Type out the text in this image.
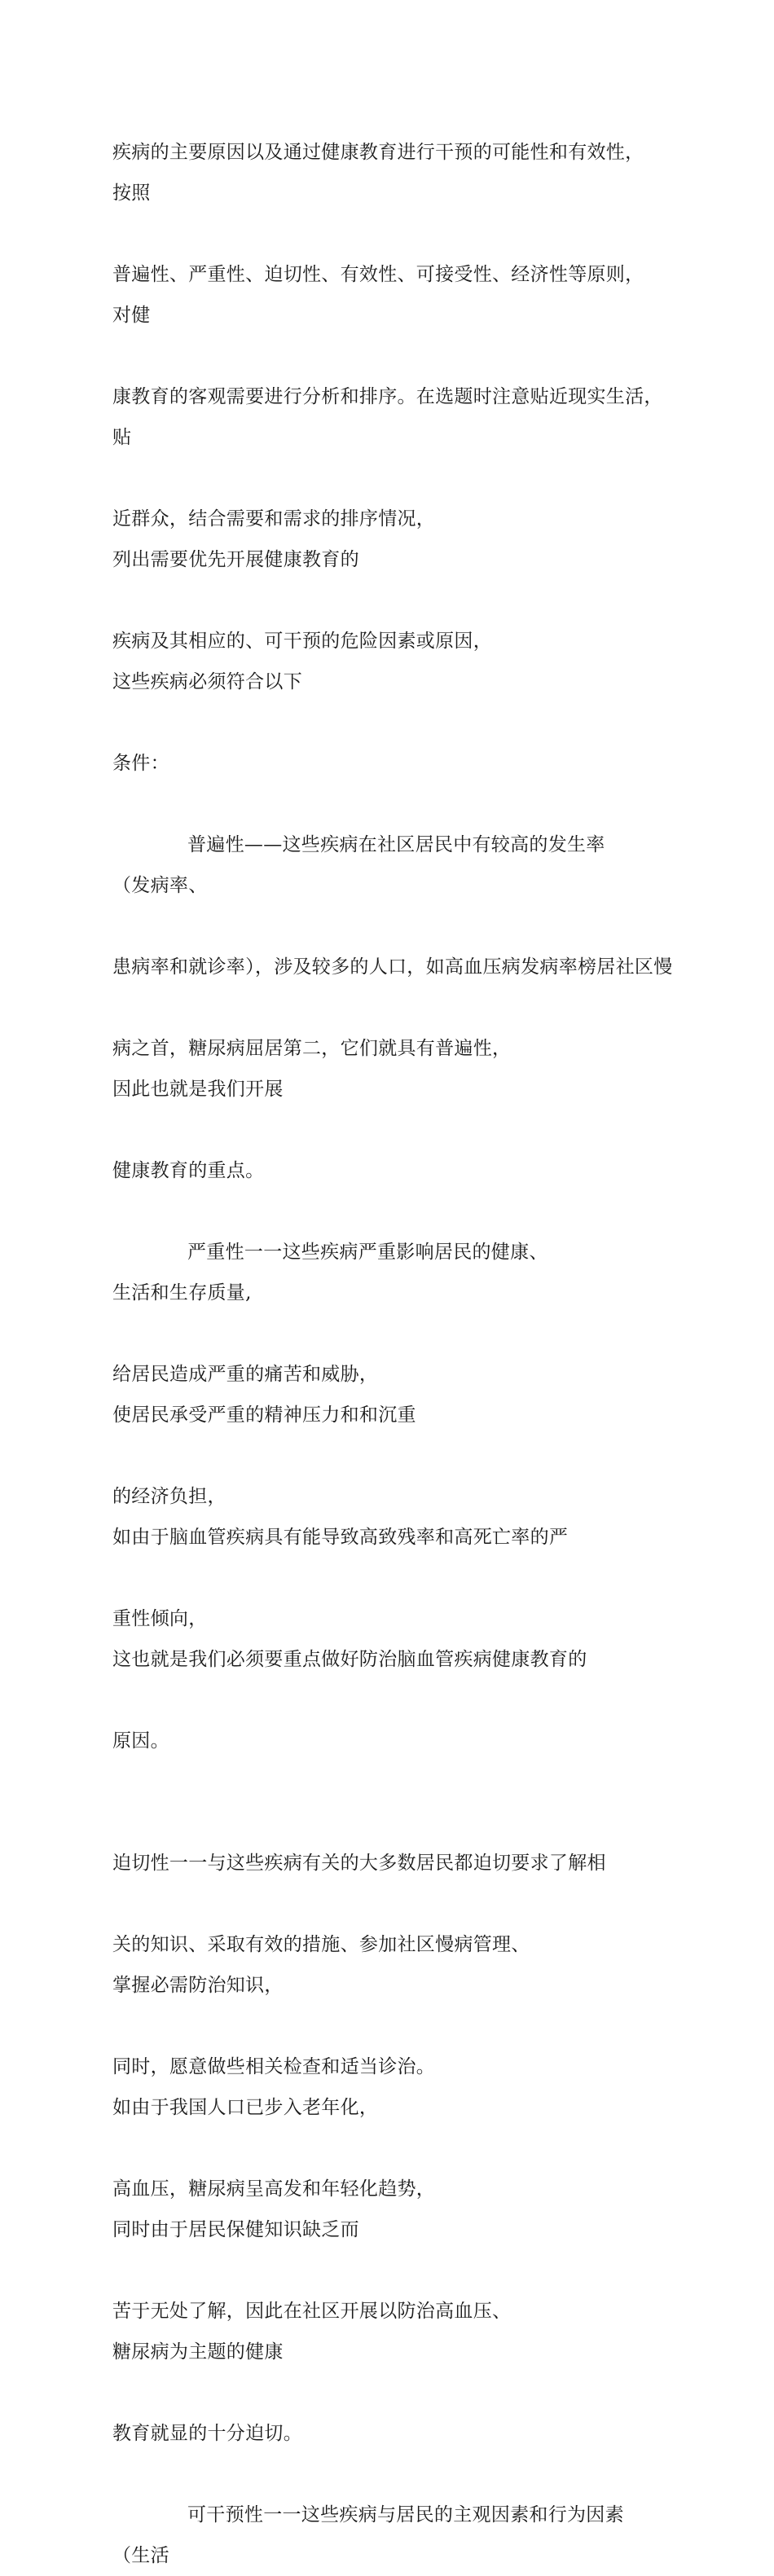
疾病的主要原因以及通过健康教育进行干预的可能性和有效性，按照

普遍性、严重性、迫切性、有效性、可接受性、经济性等原则，对健

康教育的客观需要进行分析和排序。在选题时注意贴近现实生活，贴

近群众，结合需要和需求的排序情况，列出需要优先开展健康教育的

疾病及其相应的、可干预的危险因素或原因，这些疾病必须符合以下

条件：

普遍性——这些疾病在社区居民中有较高的发生率（发病率、

患病率和就诊率），涉及较多的人口，如高血压病发病率榜居社区慢

病之首，糖尿病屈居第二，它们就具有普遍性，因此也就是我们开展

健康教育的重点。

严重性一一这些疾病严重影响居民的健康、生活和生存质量,

给居民造成严重的痛苦和威胁，使居民承受严重的精神压力和和沉重

的经济负担，如由于脑血管疾病具有能导致高致残率和高死亡率的严

重性倾向，这也就是我们必须要重点做好防治脑血管疾病健康教育的

原因。

迫切性一一与这些疾病有关的大多数居民都迫切要求了解相

关的知识、采取有效的措施、参加社区慢病管理、掌握必需防治知识，

同时，愿意做些相关检查和适当诊治。如由于我国人口已步入老年化，

高血压，糖尿病呈高发和年轻化趋势，同时由于居民保健知识缺乏而

苦于无处了解，因此在社区开展以防治高血压、糖尿病为主题的健康

教育就显的十分迫切。

可干预性一一这些疾病与居民的主观因素和行为因素（生活
